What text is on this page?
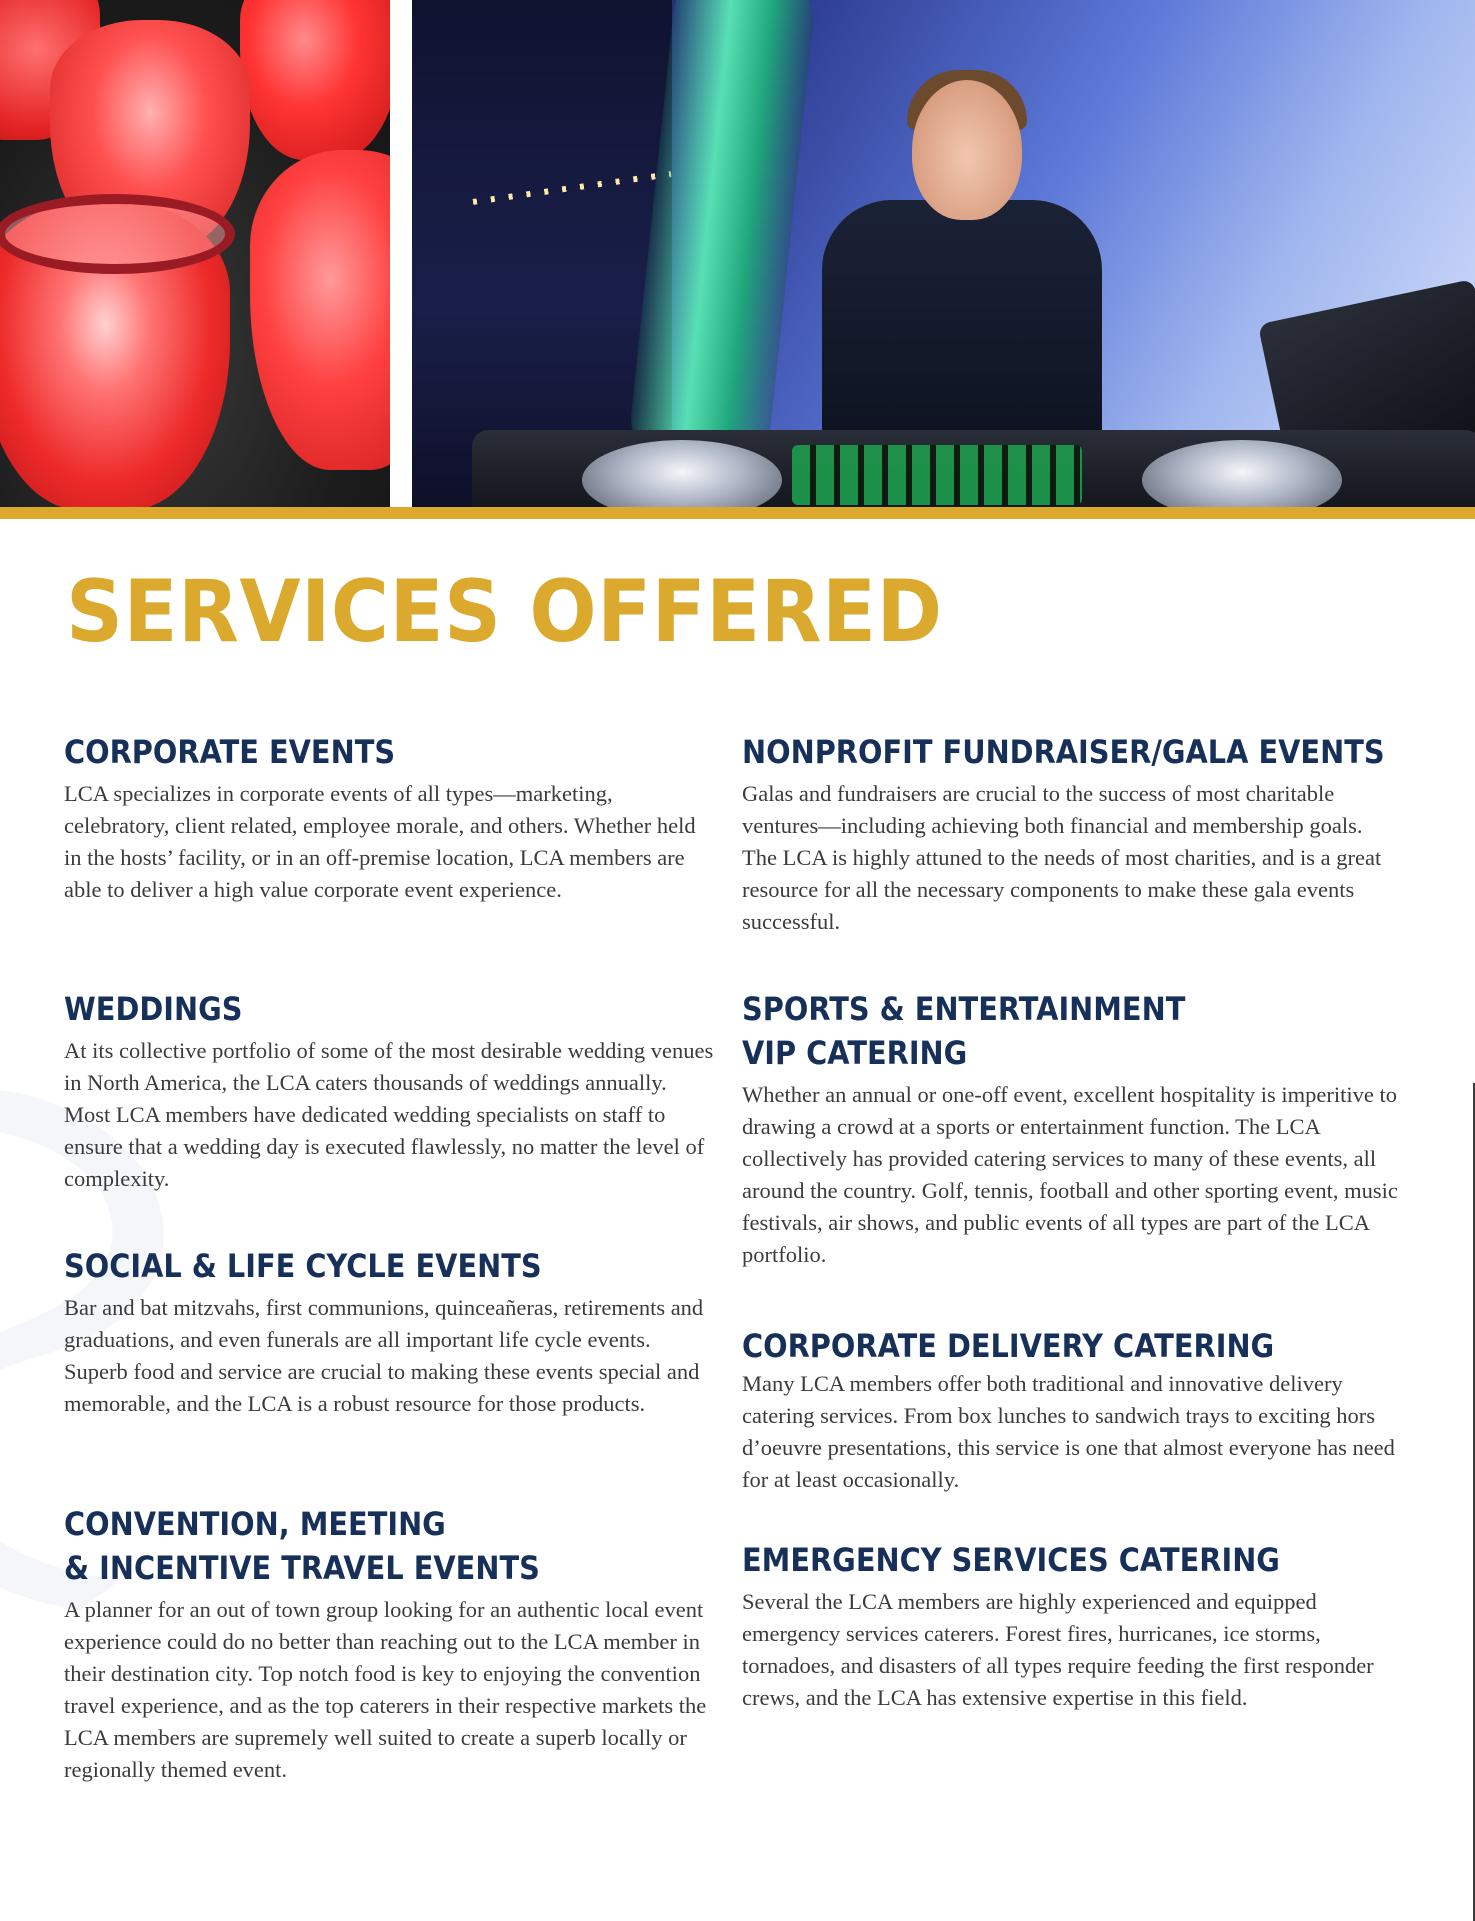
SERVICES OFFERED
CORPORATE EVENTS

LCA specializes in corporate events of all types—marketing, celebratory, client related, employee morale, and others. Whether held in the hosts’ facility, or in an off-premise location, LCA members are able to deliver a high value corporate event experience.

WEDDINGS

At its collective portfolio of some of the most desirable wedding venues in North America, the LCA caters thousands of weddings annually. Most LCA members have dedicated wedding specialists on staff to ensure that a wedding day is executed flawlessly, no matter the level of complexity.

SOCIAL & LIFE CYCLE EVENTS

Bar and bat mitzvahs, first communions, quinceañeras, retirements and graduations, and even funerals are all important life cycle events. Superb food and service are crucial to making these events special and memorable, and the LCA is a robust resource for those products.

CONVENTION, MEETING
& INCENTIVE TRAVEL EVENTS

A planner for an out of town group looking for an authentic local event experience could do no better than reaching out to the LCA member in their destination city. Top notch food is key to enjoying the convention travel experience, and as the top caterers in their respective markets the LCA members are supremely well suited to create a superb locally or regionally themed event.

NONPROFIT FUNDRAISER/GALA EVENTS

Galas and fundraisers are crucial to the success of most charitable ventures—including achieving both financial and membership goals. The LCA is highly attuned to the needs of most charities, and is a great resource for all the necessary components to make these gala events successful.

SPORTS & ENTERTAINMENT
VIP CATERING

Whether an annual or one-off event, excellent hospitality is imperitive to drawing a crowd at a sports or entertainment function. The LCA collectively has provided catering services to many of these events, all around the country. Golf, tennis, football and other sporting event, music festivals, air shows, and public events of all types are part of the LCA portfolio.

CORPORATE DELIVERY CATERING

Many LCA members offer both traditional and innovative delivery catering services. From box lunches to sandwich trays to exciting hors d’oeuvre presentations, this service is one that almost everyone has need for at least occasionally.

EMERGENCY SERVICES CATERING

Several the LCA members are highly experienced and equipped emergency services caterers. Forest fires, hurricanes, ice storms, tornadoes, and disasters of all types require feeding the first responder crews, and the LCA has extensive expertise in this field.
